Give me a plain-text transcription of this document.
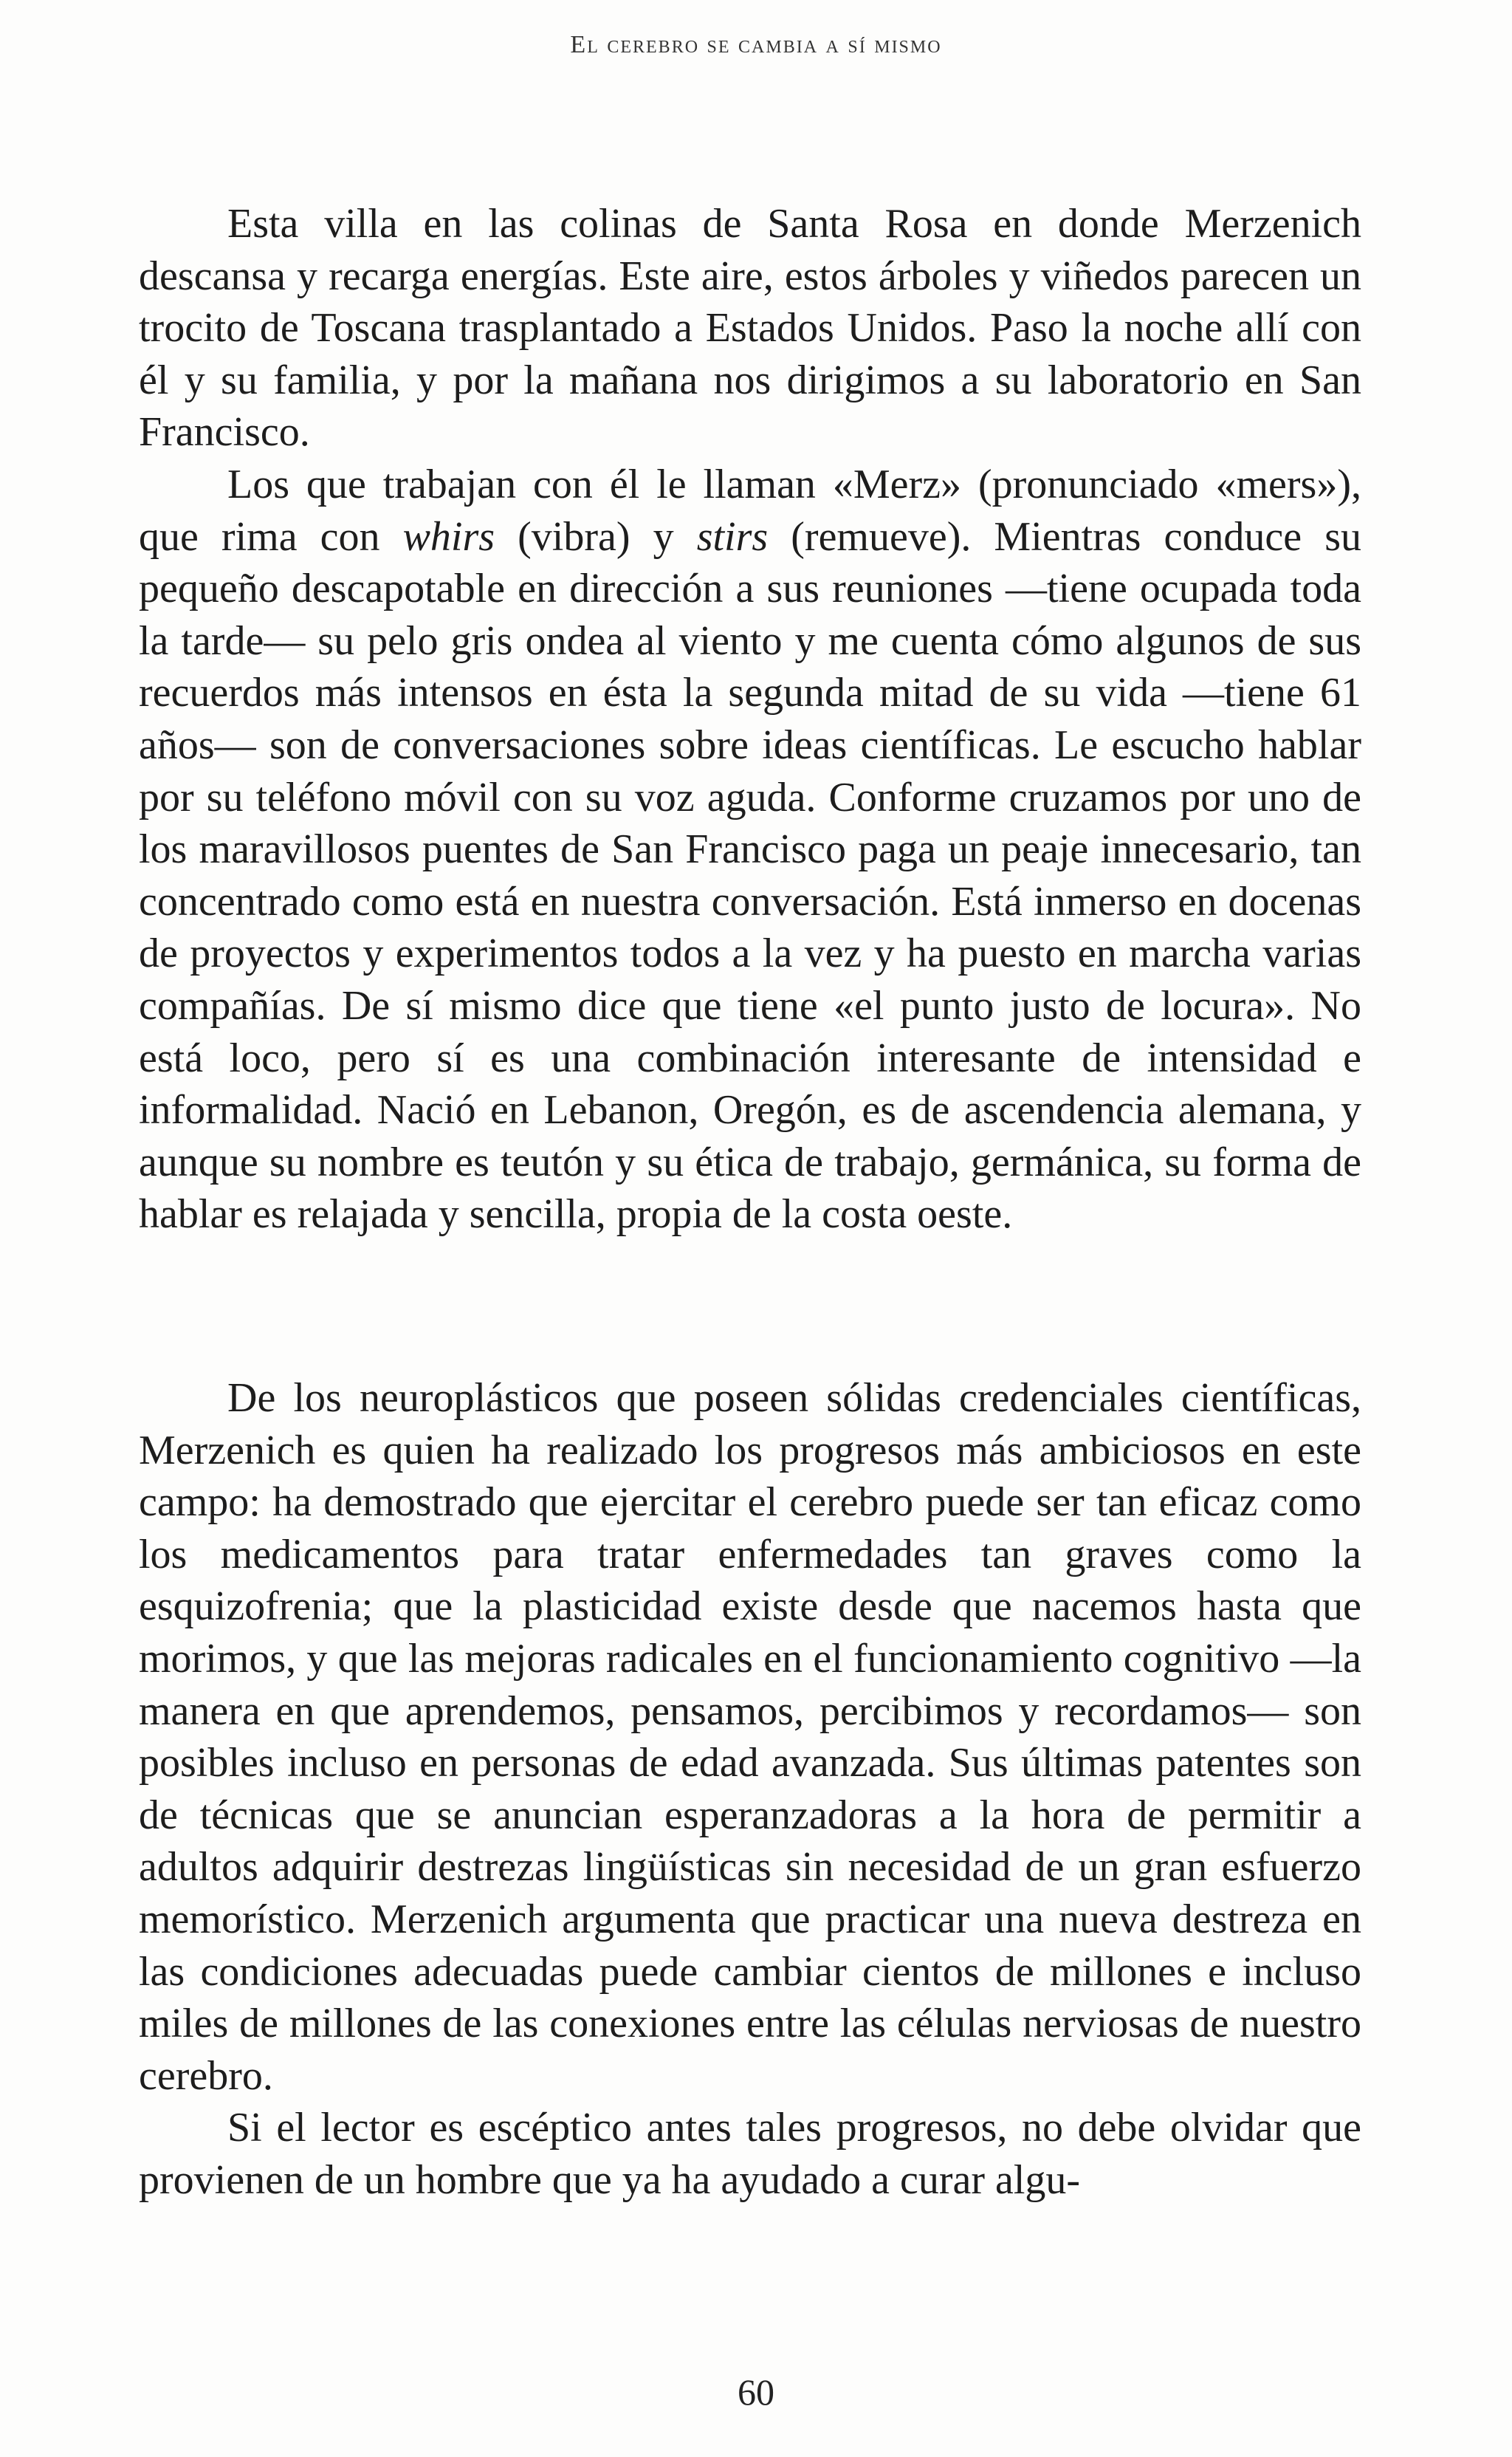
El cerebro se cambia a sí mismo

Esta villa en las colinas de Santa Rosa en donde Merzenich descansa y recarga energías. Este aire, estos árboles y viñedos parecen un trocito de Toscana trasplantado a Estados Unidos. Paso la noche allí con él y su familia, y por la mañana nos dirigimos a su laboratorio en San Francisco.

Los que trabajan con él le llaman «Merz» (pronunciado «mers»), que rima con whirs (vibra) y stirs (remueve). Mientras conduce su pequeño descapotable en dirección a sus reuniones —tiene ocupada toda la tarde— su pelo gris ondea al viento y me cuenta cómo algunos de sus recuerdos más intensos en ésta la segunda mitad de su vida —tiene 61 años— son de conversaciones sobre ideas científicas. Le escucho hablar por su teléfono móvil con su voz aguda. Conforme cruzamos por uno de los maravillosos puentes de San Francisco paga un peaje innecesario, tan concentrado como está en nuestra conversación. Está inmerso en docenas de proyectos y experimentos todos a la vez y ha puesto en marcha varias compañías. De sí mismo dice que tiene «el punto justo de locura». No está loco, pero sí es una combinación interesante de intensidad e informalidad. Nació en Lebanon, Oregón, es de ascendencia alemana, y aunque su nombre es teutón y su ética de trabajo, germánica, su forma de hablar es relajada y sencilla, propia de la costa oeste.

De los neuroplásticos que poseen sólidas credenciales científicas, Merzenich es quien ha realizado los progresos más ambiciosos en este campo: ha demostrado que ejercitar el cerebro puede ser tan eficaz como los medicamentos para tratar enfermedades tan graves como la esquizofrenia; que la plasticidad existe desde que nacemos hasta que morimos, y que las mejoras radicales en el funcionamiento cognitivo —la manera en que aprendemos, pensamos, percibimos y recordamos— son posibles incluso en personas de edad avanzada. Sus últimas patentes son de técnicas que se anuncian esperanzadoras a la hora de permitir a adultos adquirir destrezas lingüísticas sin necesidad de un gran esfuerzo memorístico. Merzenich argumenta que practicar una nueva destreza en las condiciones adecuadas puede cambiar cientos de millones e incluso miles de millones de las conexiones entre las células nerviosas de nuestro cerebro.

Si el lector es escéptico antes tales progresos, no debe olvidar que provienen de un hombre que ya ha ayudado a curar algu-

60
